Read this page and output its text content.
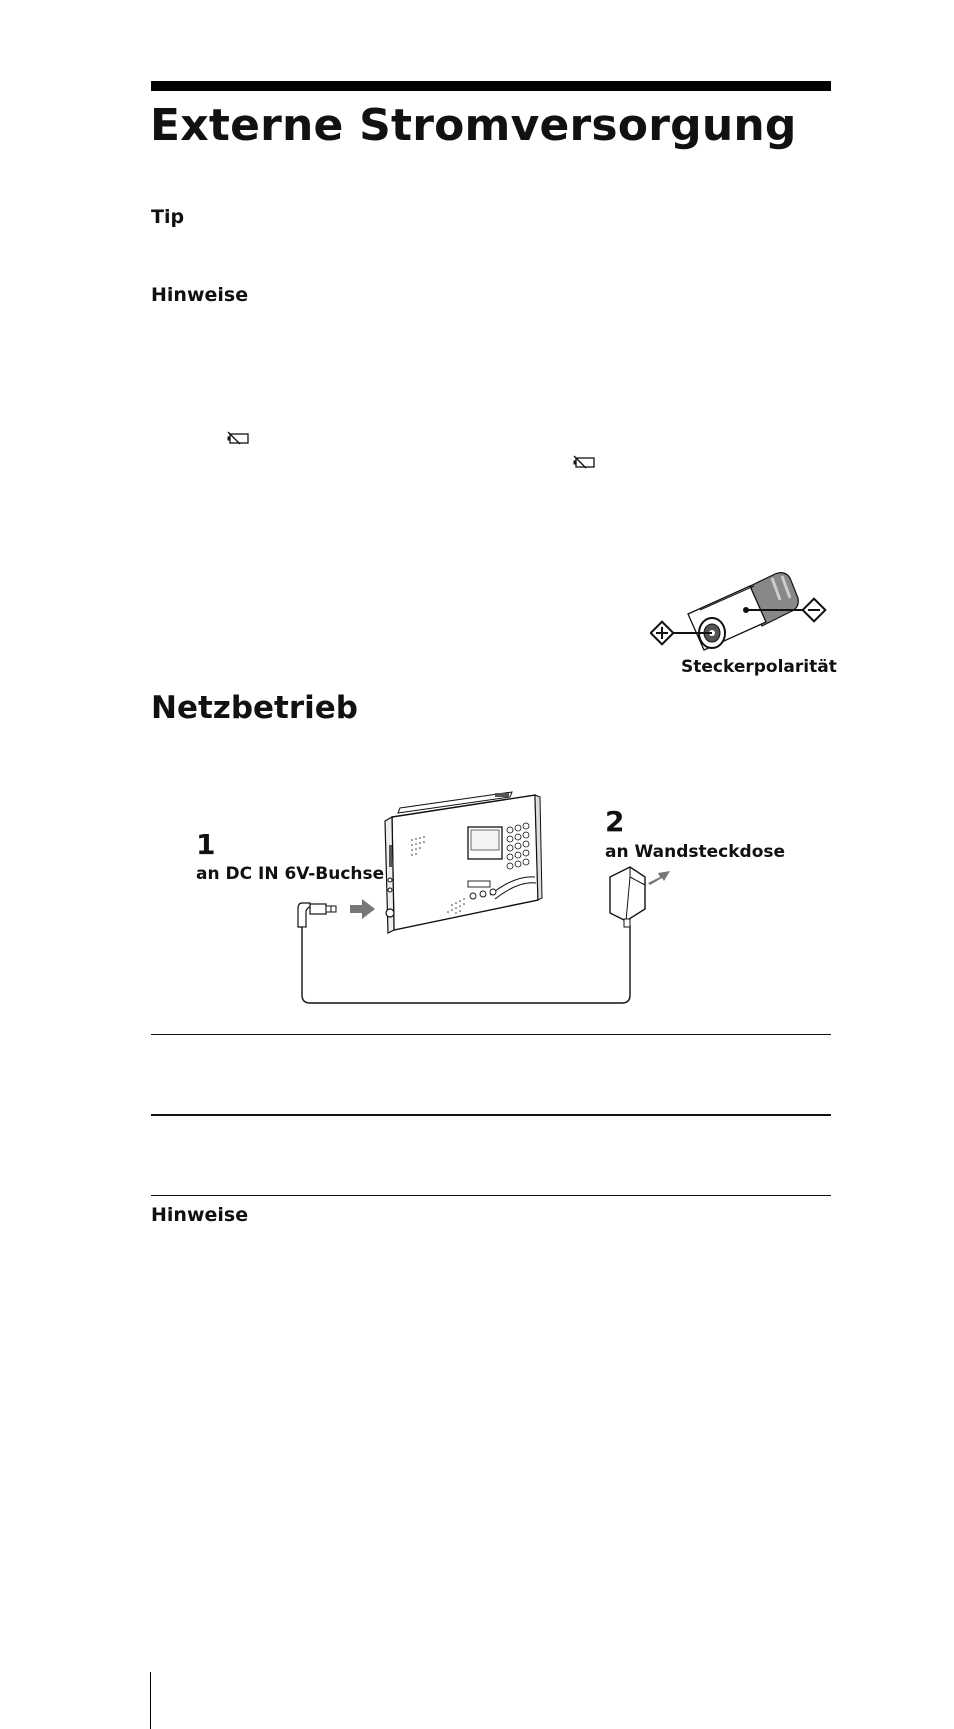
Externe Stromversorgung

Tip

Hinweise

Steckerpolarität
Netzbetrieb
1
an DC IN 6V-Buchse
2
an Wandsteckdose

Hinweise
